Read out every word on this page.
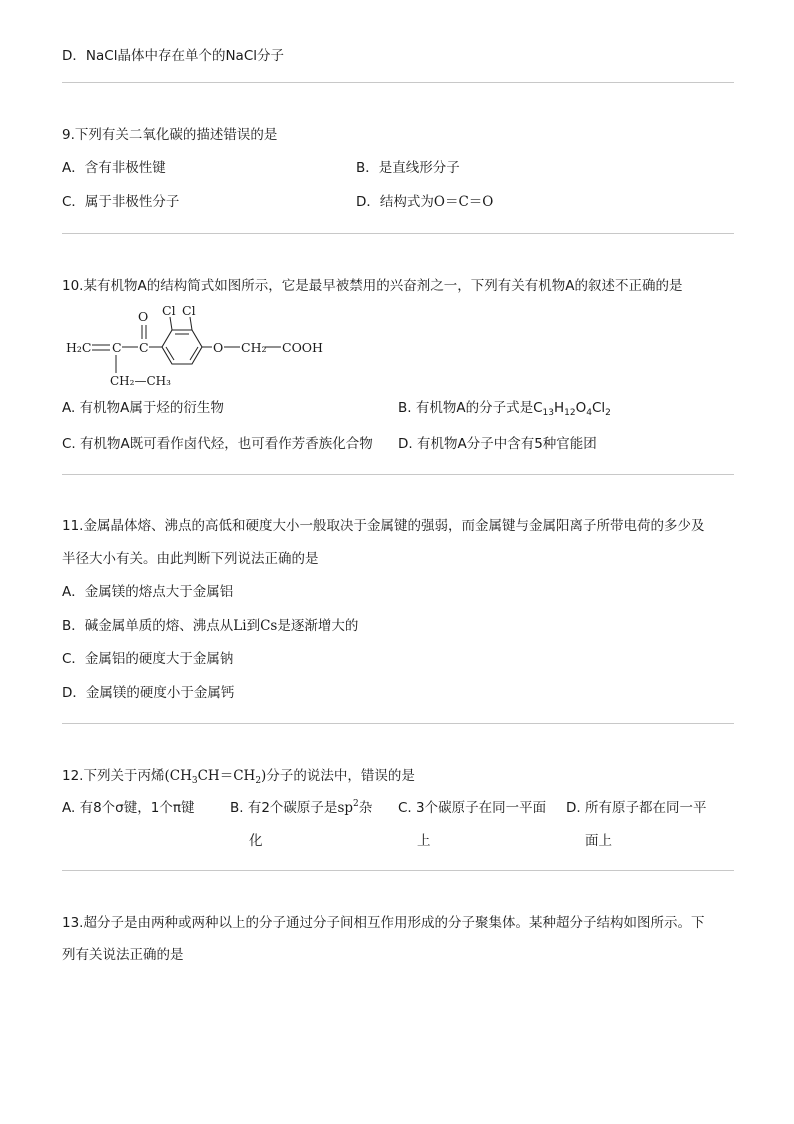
D．NaCl晶体中存在单个的NaCl分子
9.下列有关二氧化碳的描述错误的是
A．含有非极性键	B．是直线形分子
C．属于非极性分子	D．结构式为O＝C＝O
10.某有机物A的结构简式如图所示，它是最早被禁用的兴奋剂之一，下列有关有机物A的叙述不正确的是
H₂C C C
O
CH₂—CH₃
Cl Cl
O CH₂ COOH
A. 有机物A属于烃的衍生物	B. 有机物A的分子式是$C_{13}H_{12}O_4Cl_2$
C. 有机物A既可看作卤代烃，也可看作芳香族化合物 D. 有机物A分子中含有5种官能团
11.金属晶体熔、沸点的高低和硬度大小一般取决于金属键的强弱，而金属键与金属阳离子所带电荷的多少及
半径大小有关。由此判断下列说法正确的是
A．金属镁的熔点大于金属铝
B．碱金属单质的熔、沸点从Li到Cs是逐渐增大的
C．金属铝的硬度大于金属钠
D．金属镁的硬度小于金属钙
12.下列关于丙烯$(CH_3CH=CH_2)$分子的说法中，错误的是
A. 有8个σ键，1个π键	B. 有2个碳原子是$sp^2$杂
化
C. 3个碳原子在同一平面
上
D. 所有原子都在同一平
面上
13.超分子是由两种或两种以上的分子通过分子间相互作用形成的分子聚集体。某种超分子结构如图所示。下
列有关说法正确的是
